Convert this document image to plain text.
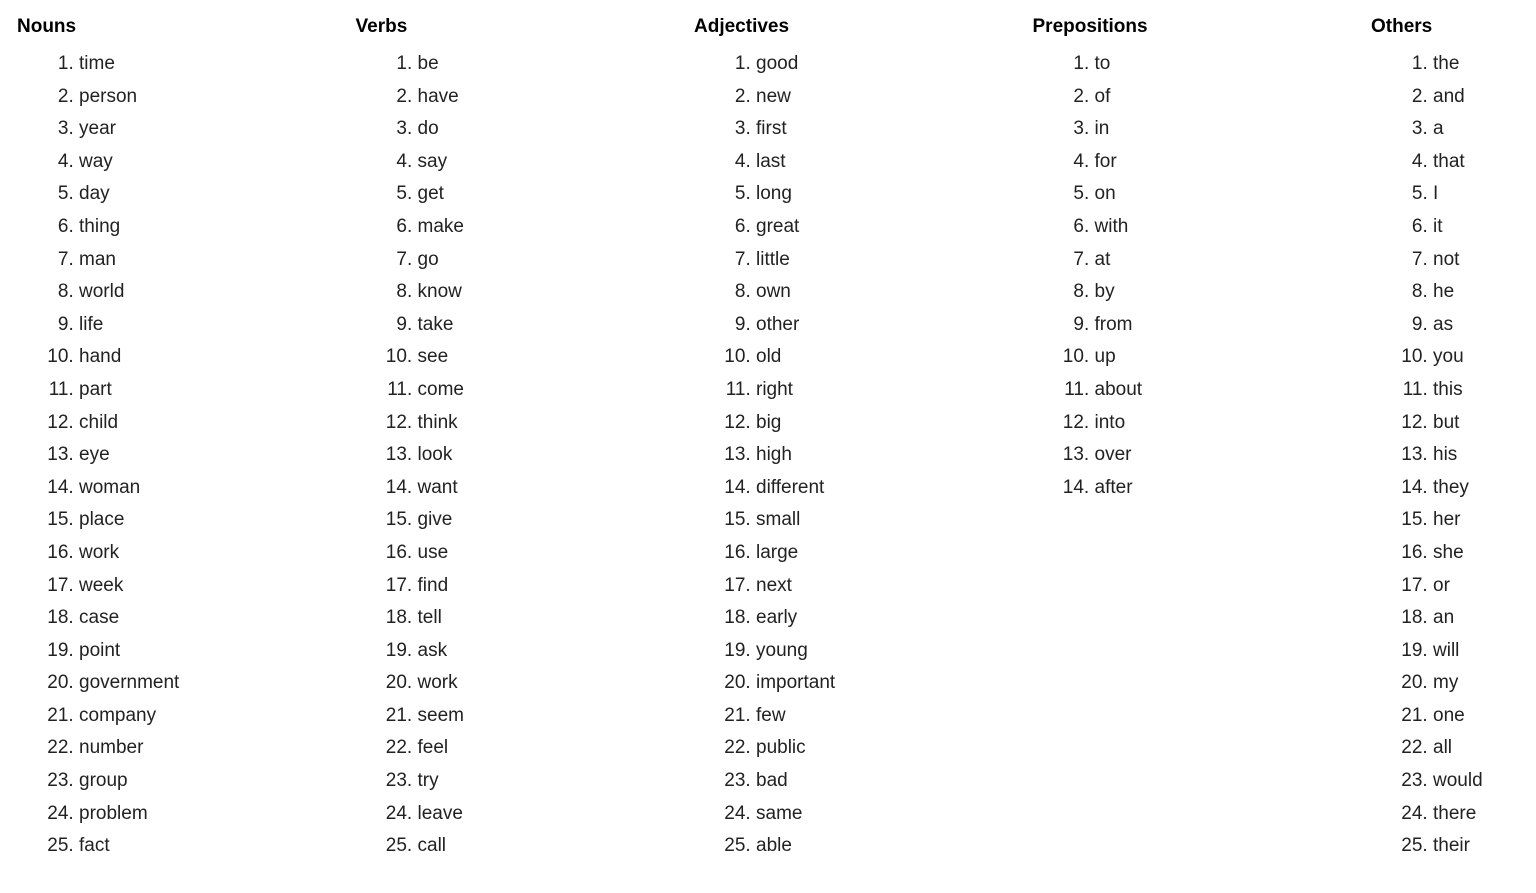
Nouns
1. time
2. person
3. year
4. way
5. day
6. thing
7. man
8. world
9. life
10. hand
11. part
12. child
13. eye
14. woman
15. place
16. work
17. week
18. case
19. point
20. government
21. company
22. number
23. group
24. problem
25. fact
Verbs
1. be
2. have
3. do
4. say
5. get
6. make
7. go
8. know
9. take
10. see
11. come
12. think
13. look
14. want
15. give
16. use
17. find
18. tell
19. ask
20. work
21. seem
22. feel
23. try
24. leave
25. call
Adjectives
1. good
2. new
3. first
4. last
5. long
6. great
7. little
8. own
9. other
10. old
11. right
12. big
13. high
14. different
15. small
16. large
17. next
18. early
19. young
20. important
21. few
22. public
23. bad
24. same
25. able
Prepositions
1. to
2. of
3. in
4. for
5. on
6. with
7. at
8. by
9. from
10. up
11. about
12. into
13. over
14. after
Others
1. the
2. and
3. a
4. that
5. I
6. it
7. not
8. he
9. as
10. you
11. this
12. but
13. his
14. they
15. her
16. she
17. or
18. an
19. will
20. my
21. one
22. all
23. would
24. there
25. their
